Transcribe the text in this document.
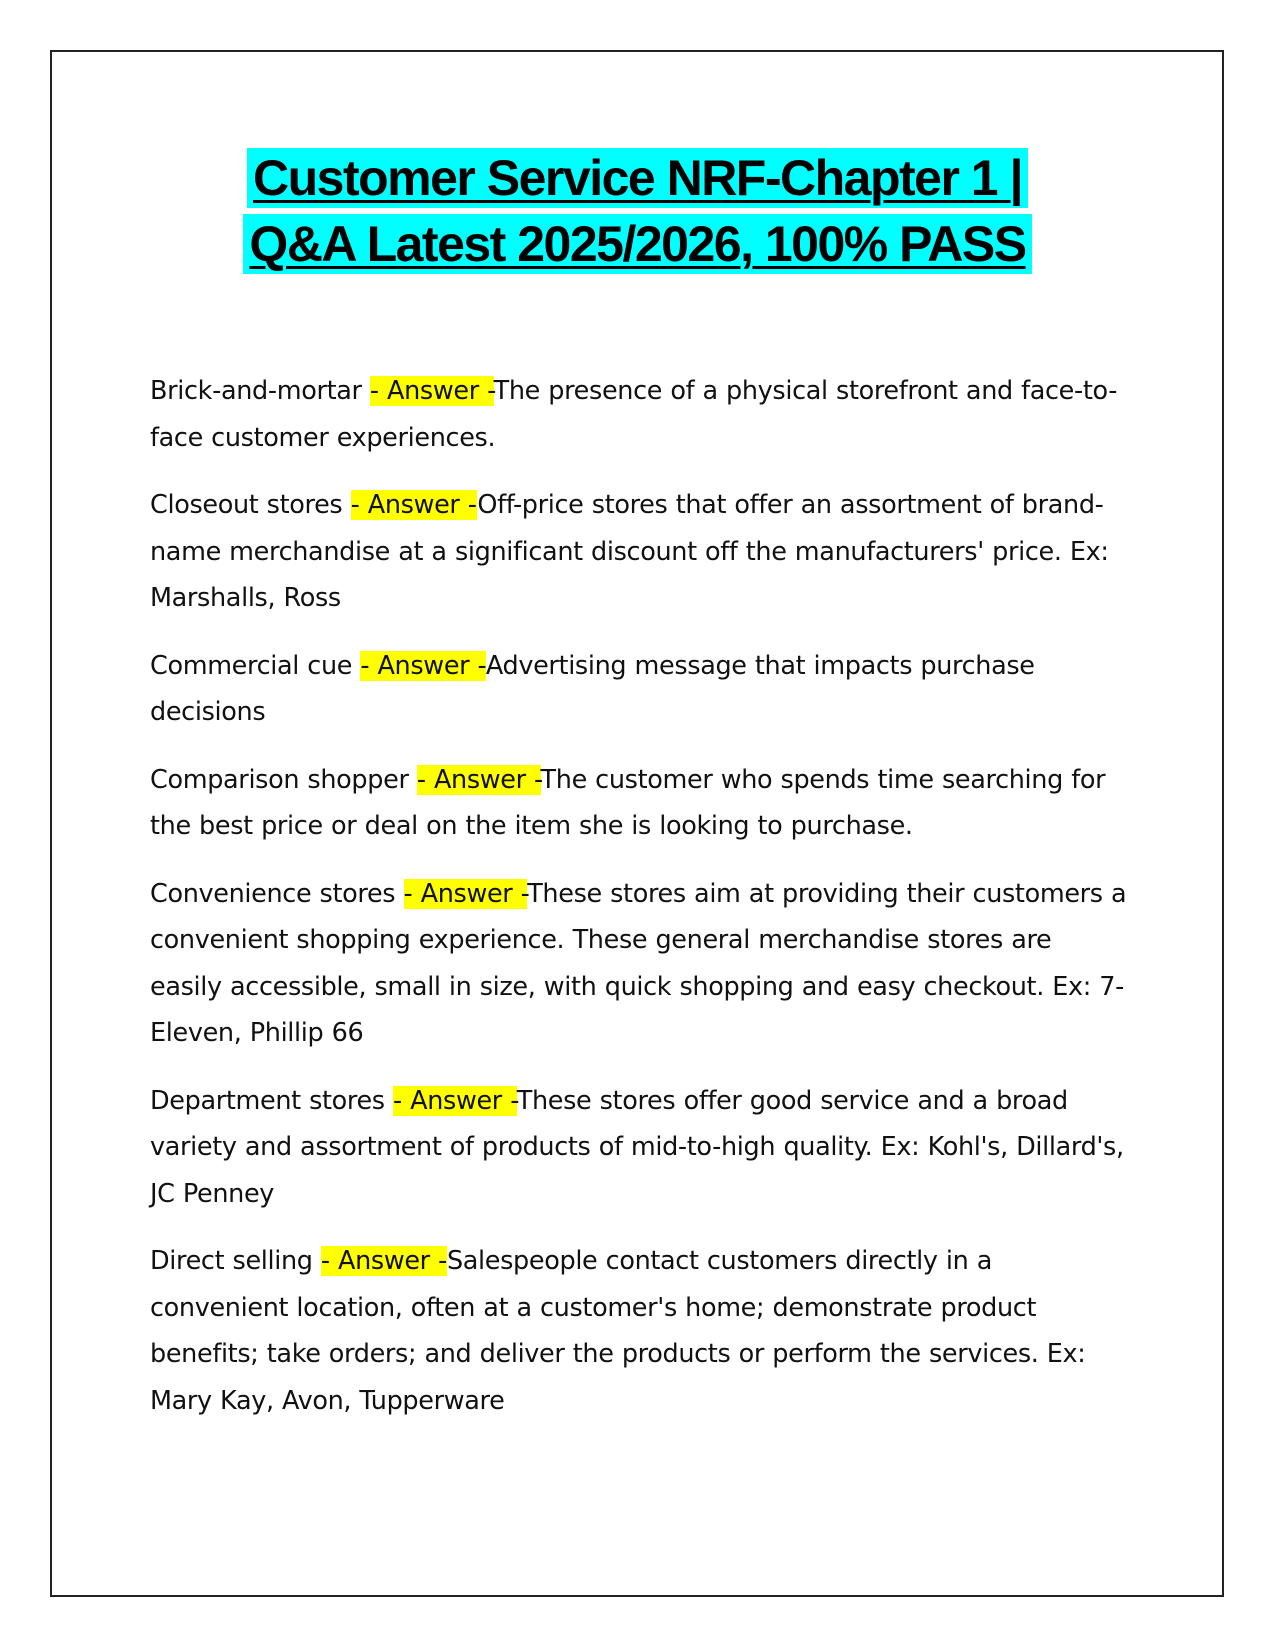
Customer Service NRF-Chapter 1 |
Q&A Latest 2025/2026, 100% PASS

Brick-and-mortar - Answer -The presence of a physical storefront and face-to-face customer experiences.

Closeout stores - Answer -Off-price stores that offer an assortment of brand-name merchandise at a significant discount off the manufacturers' price. Ex: Marshalls, Ross

Commercial cue - Answer -Advertising message that impacts purchase decisions

Comparison shopper - Answer -The customer who spends time searching for the best price or deal on the item she is looking to purchase.

Convenience stores - Answer -These stores aim at providing their customers a convenient shopping experience. These general merchandise stores are easily accessible, small in size, with quick shopping and easy checkout. Ex: 7-Eleven, Phillip 66

Department stores - Answer -These stores offer good service and a broad variety and assortment of products of mid-to-high quality. Ex: Kohl's, Dillard's, JC Penney

Direct selling - Answer -Salespeople contact customers directly in a convenient location, often at a customer's home; demonstrate product benefits; take orders; and deliver the products or perform the services. Ex: Mary Kay, Avon, Tupperware
